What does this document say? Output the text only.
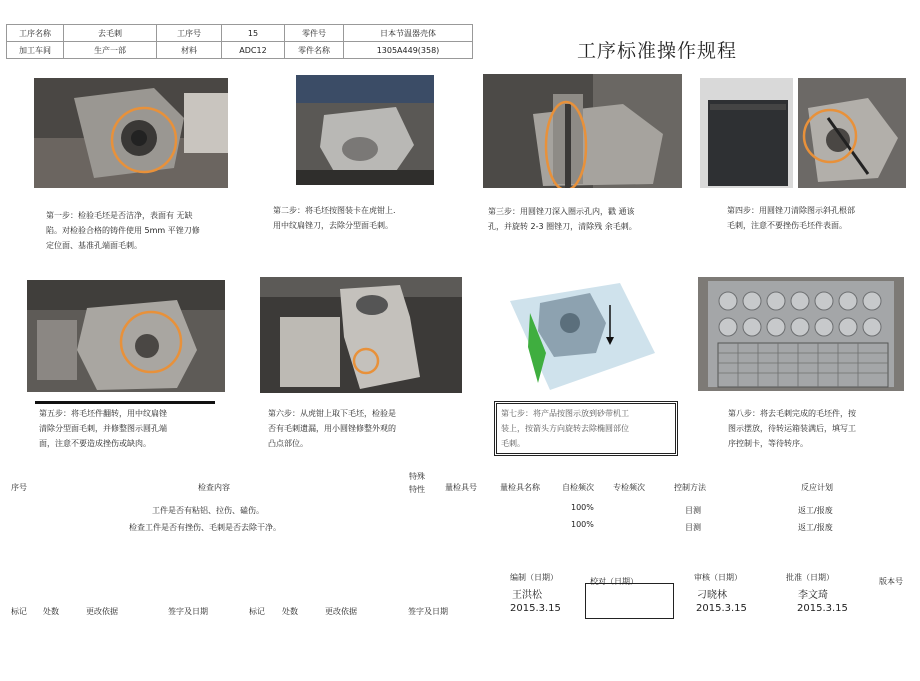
工序名称	去毛刺	工序号	15	零件号	日本节温器壳体
加工车间	生产一部	材料	ADC12	零件名称	1305A449(358)	工序标准操作规程
第一步：检验毛坯是否洁净，表面有 无缺
陷。对检验合格的铸件使用 5mm 平锉刀修
定位面、基准孔端面毛刺。
第二步：将毛坯按图装卡在虎钳上.
用中纹扁锉刀，去除分型面毛刺。
第三步：用圆锉刀深入圈示孔内，戳 通该
孔，并旋转 2-3 圈锉刀，清除残 余毛刺。
第四步：用圆锉刀清除图示斜孔根部
毛刺，注意不要挫伤毛坯件表面。
第五步：将毛坯件翻转，用中纹扁锉
清除分型面毛刺，并修整图示圆孔端
面，注意不要造成挫伤或缺肉。
第六步：从虎钳上取下毛坯，检验是
否有毛刺遗漏，用小圆锉修整外观的
凸点部位。
第七步：将产品按图示放到砂带机工
装上，按箭头方向旋转去除椭圆部位
毛刺。
第八步：将去毛刺完成的毛坯件，按
图示摆放，待转运箱装满后，填写工
序控制卡，等待转序。
序号	检查内容
特殊
特性	量检具号	量检具名称	自检频次 专检频次	控制方法	反应计划
工件是否有粘铝、拉伤、磕伤。	100%	目测	返工/报废
检查工件是否有挫伤、毛刺是否去除干净。	100%	目测	返工/报废
编制（日期）
王洪松
2015.3.15
校对（日期）	审核（日期）
刁晓林
2015.3.15
批准（日期）
李文琦
2015.3.15
版本号
标记 处数	更改依据	签字及日期	标记 处数	更改依据	签字及日期
